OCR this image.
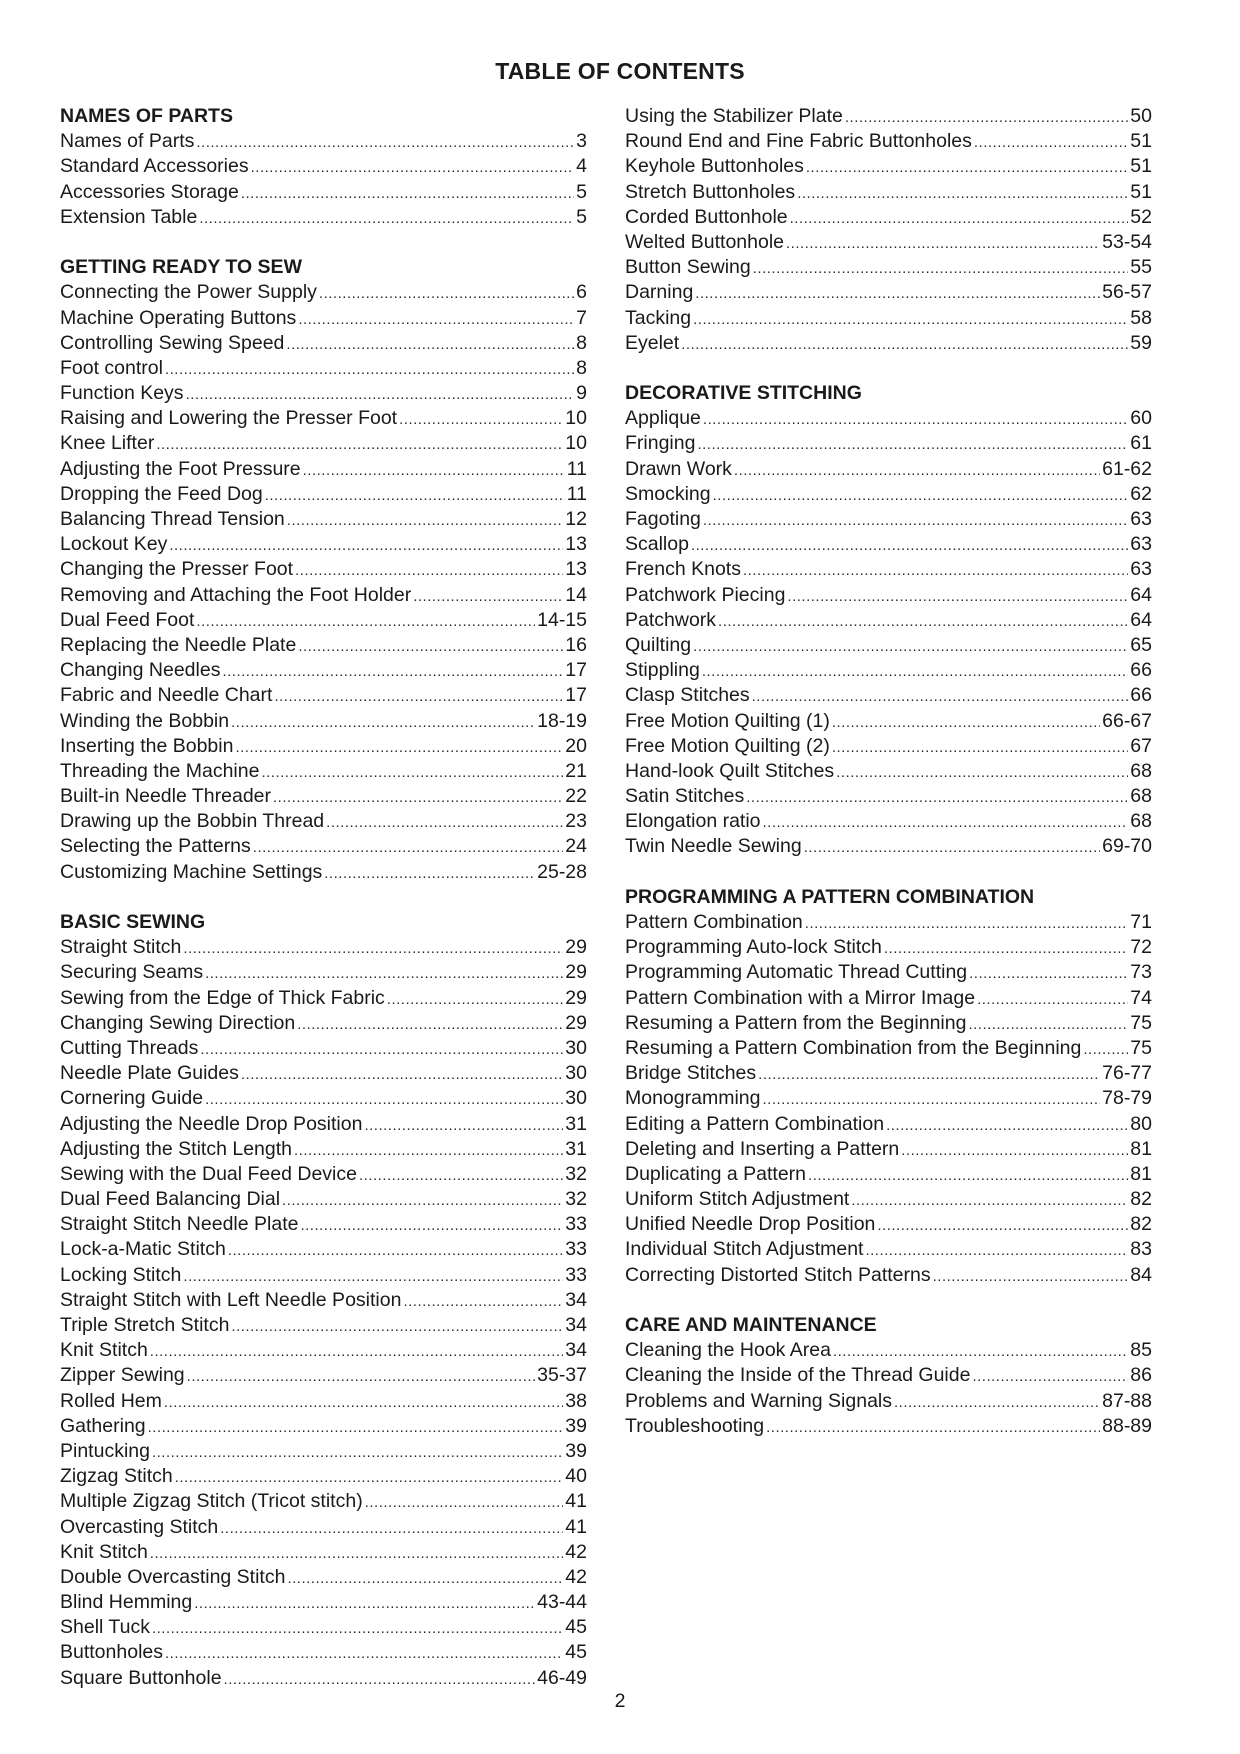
TABLE OF CONTENTS
NAMES OF PARTS
Names of Parts .....	3
Standard Accessories .....	4
Accessories Storage .....	5
Extension Table .....	5
GETTING READY TO SEW
Connecting the Power Supply .....	6
Machine Operating Buttons .....	7
Controlling Sewing Speed .....	8
Foot control .....	8
Function Keys .....	9
Raising and Lowering the Presser Foot .....	10
Knee Lifter .....	10
Adjusting the Foot Pressure .....	11
Dropping the Feed Dog .....	11
Balancing Thread Tension .....	12
Lockout Key .....	13
Changing the Presser Foot .....	13
Removing and Attaching the Foot Holder .....	14
Dual Feed Foot .....	14-15
Replacing the Needle Plate .....	16
Changing Needles .....	17
Fabric and Needle Chart .....	17
Winding the Bobbin .....	18-19
Inserting the Bobbin .....	20
Threading the Machine .....	21
Built-in Needle Threader .....	22
Drawing up the Bobbin Thread .....	23
Selecting the Patterns .....	24
Customizing Machine Settings .....	25-28
BASIC SEWING
Straight Stitch .....	29
Securing Seams .....	29
Sewing from the Edge of Thick Fabric .....	29
Changing Sewing Direction .....	29
Cutting Threads .....	30
Needle Plate Guides .....	30
Cornering Guide .....	30
Adjusting the Needle Drop Position .....	31
Adjusting the Stitch Length .....	31
Sewing with the Dual Feed Device .....	32
Dual Feed Balancing Dial .....	32
Straight Stitch Needle Plate .....	33
Lock-a-Matic Stitch .....	33
Locking Stitch .....	33
Straight Stitch with Left Needle Position .....	34
Triple Stretch Stitch .....	34
Knit Stitch .....	34
Zipper Sewing .....	35-37
Rolled Hem .....	38
Gathering .....	39
Pintucking .....	39
Zigzag Stitch .....	40
Multiple Zigzag Stitch (Tricot stitch) .....	41
Overcasting Stitch .....	41
Knit Stitch .....	42
Double Overcasting Stitch .....	42
Blind Hemming .....	43-44
Shell Tuck .....	45
Buttonholes .....	45
Square Buttonhole .....	46-49
Using the Stabilizer Plate .....	50
Round End and Fine Fabric Buttonholes .....	51
Keyhole Buttonholes .....	51
Stretch Buttonholes .....	51
Corded Buttonhole .....	52
Welted Buttonhole .....	53-54
Button Sewing .....	55
Darning .....	56-57
Tacking .....	58
Eyelet .....	59
DECORATIVE STITCHING
Applique .....	60
Fringing .....	61
Drawn Work .....	61-62
Smocking .....	62
Fagoting .....	63
Scallop .....	63
French Knots .....	63
Patchwork Piecing .....	64
Patchwork .....	64
Quilting .....	65
Stippling .....	66
Clasp Stitches .....	66
Free Motion Quilting (1) .....	66-67
Free Motion Quilting (2) .....	67
Hand-look Quilt Stitches .....	68
Satin Stitches .....	68
Elongation ratio .....	68
Twin Needle Sewing .....	69-70
PROGRAMMING A PATTERN COMBINATION
Pattern Combination .....	71
Programming Auto-lock Stitch .....	72
Programming Automatic Thread Cutting .....	73
Pattern Combination with a Mirror Image .....	74
Resuming a Pattern from the Beginning .....	75
Resuming a Pattern Combination from the Beginning .....	75
Bridge Stitches .....	76-77
Monogramming .....	78-79
Editing a Pattern Combination .....	80
Deleting and Inserting a Pattern .....	81
Duplicating a Pattern .....	81
Uniform Stitch Adjustment .....	82
Unified Needle Drop Position .....	82
Individual Stitch Adjustment .....	83
Correcting Distorted Stitch Patterns .....	84
CARE AND MAINTENANCE
Cleaning the Hook Area .....	85
Cleaning the Inside of the Thread Guide .....	86
Problems and Warning Signals .....	87-88
Troubleshooting .....	88-89
2
